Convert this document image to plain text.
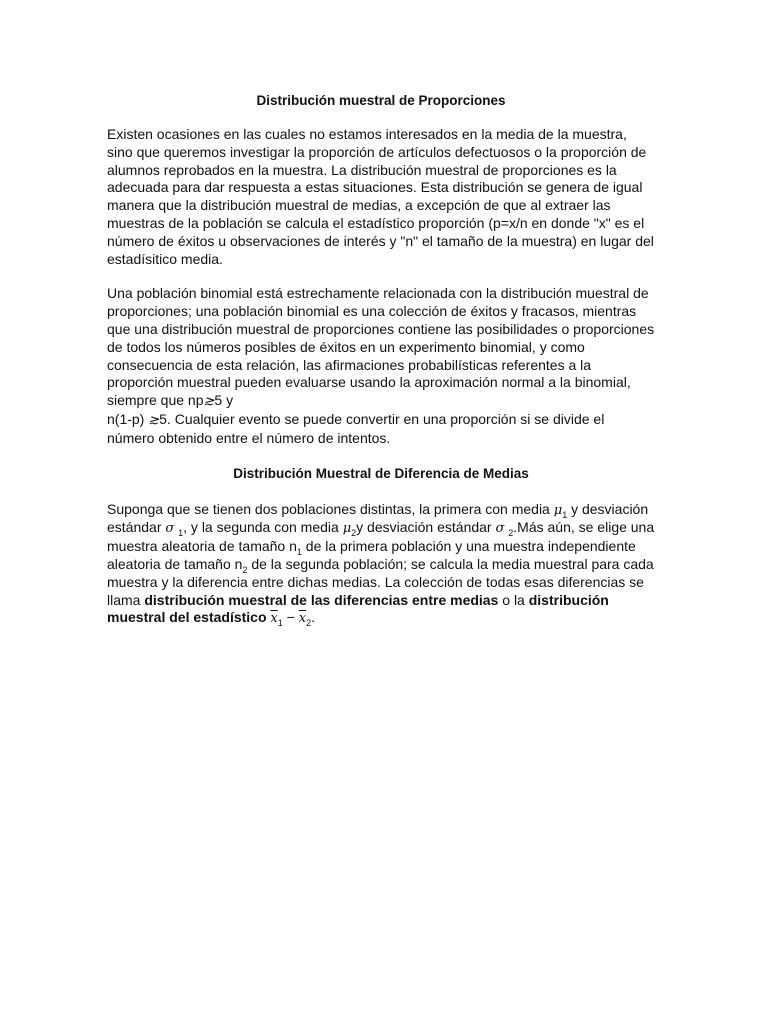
Distribución muestral de Proporciones

Existen ocasiones en las cuales no estamos interesados en la media de la muestra, sino que queremos investigar la proporción de artículos defectuosos o la proporción de alumnos reprobados en la muestra. La distribución muestral de proporciones es la adecuada para dar respuesta a estas situaciones. Esta distribución se genera de igual manera que la distribución muestral de medias, a excepción de que al extraer las muestras de la población se calcula el estadístico proporción (p=x/n en donde "x" es el número de éxitos u observaciones de interés y "n" el tamaño de la muestra) en lugar del estadísitico media.

Una población binomial está estrechamente relacionada con la distribución muestral de proporciones; una población binomial es una colección de éxitos y fracasos, mientras que una distribución muestral de proporciones contiene las posibilidades o proporciones de todos los números posibles de éxitos en un experimento binomial, y como consecuencia de esta relación, las afirmaciones probabilísticas referentes a la proporción muestral pueden evaluarse usando la aproximación normal a la binomial, siempre que np≳5 y
n(1-p) ≳5. Cualquier evento se puede convertir en una proporción si se divide el número obtenido entre el número de intentos.

Distribución Muestral de Diferencia de Medias

Suponga que se tienen dos poblaciones distintas, la primera con media $\mu_1$ y desviación estándar σ $_1$, y la segunda con media $\mu_2y$ desviación estándar σ $_2$.Más aún, se elige una muestra aleatoria de tamaño $n_1$ de la primera población y una muestra independiente aleatoria de tamaño $n_2$ de la segunda población; se calcula la media muestral para cada muestra y la diferencia entre dichas medias. La colección de todas esas diferencias se llama distribución muestral de las diferencias entre medias o la distribución muestral del estadístico $\overline{x}_1 - \overline{x}_2$.
